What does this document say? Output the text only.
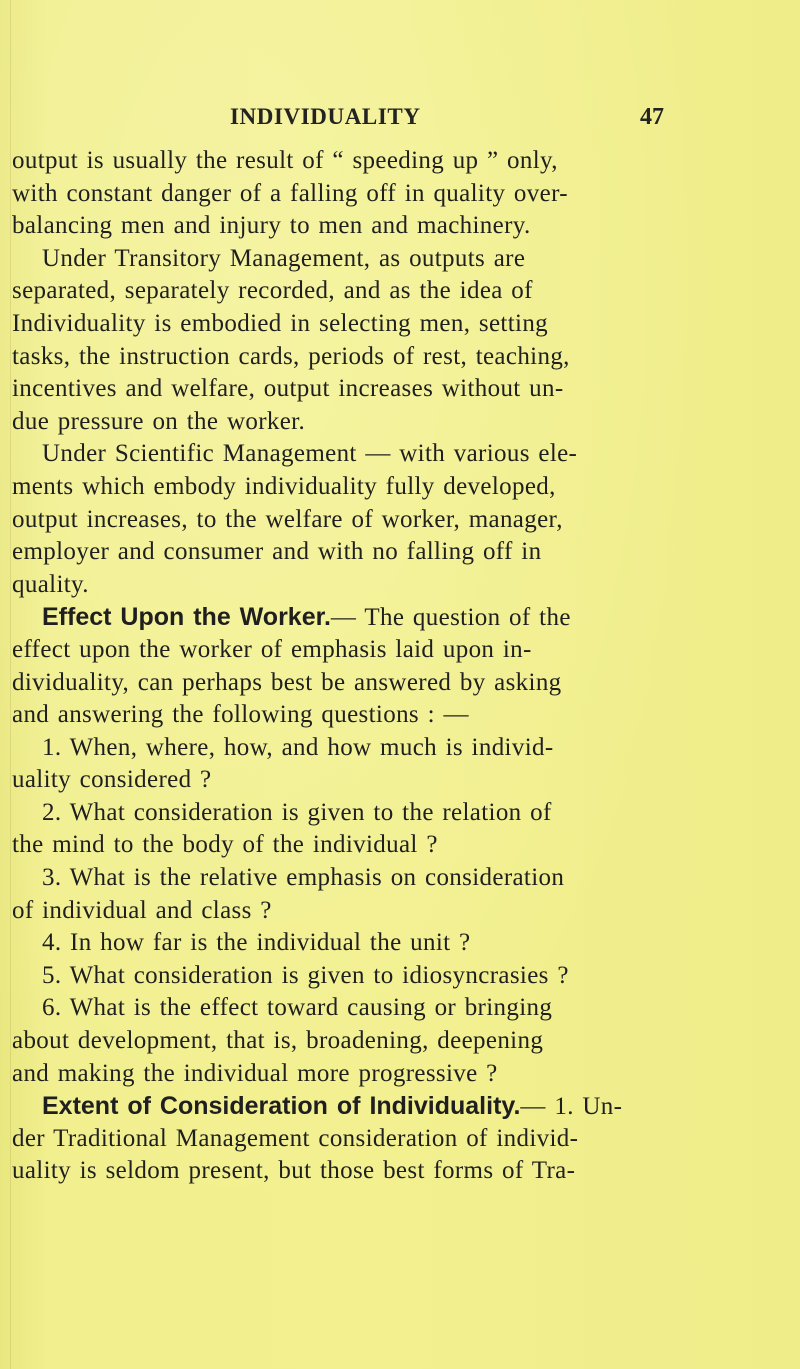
INDIVIDUALITY	47
output is usually the result of “ speeding up ” only,
with constant danger of a falling off in quality over-
balancing men and injury to men and machinery.
Under Transitory Management, as outputs are
separated, separately recorded, and as the idea of
Individuality is embodied in selecting men, setting
tasks, the instruction cards, periods of rest, teaching,
incentives and welfare, output increases without un-
due pressure on the worker.
Under Scientific Management — with various ele-
ments which embody individuality fully developed,
output increases, to the welfare of worker, manager,
employer and consumer and with no falling off in
quality.
Effect Upon the Worker.— The question of the
effect upon the worker of emphasis laid upon in-
dividuality, can perhaps best be answered by asking
and answering the following questions : —
1. When, where, how, and how much is individ-
uality considered ?
2. What consideration is given to the relation of
the mind to the body of the individual ?
3. What is the relative emphasis on consideration
of individual and class ?
4. In how far is the individual the unit ?
5. What consideration is given to idiosyncrasies ?
6. What is the effect toward causing or bringing
about development, that is, broadening, deepening
and making the individual more progressive ?
Extent of Consideration of Individuality.— 1. Un-
der Traditional Management consideration of individ-
uality is seldom present, but those best forms of Tra-
